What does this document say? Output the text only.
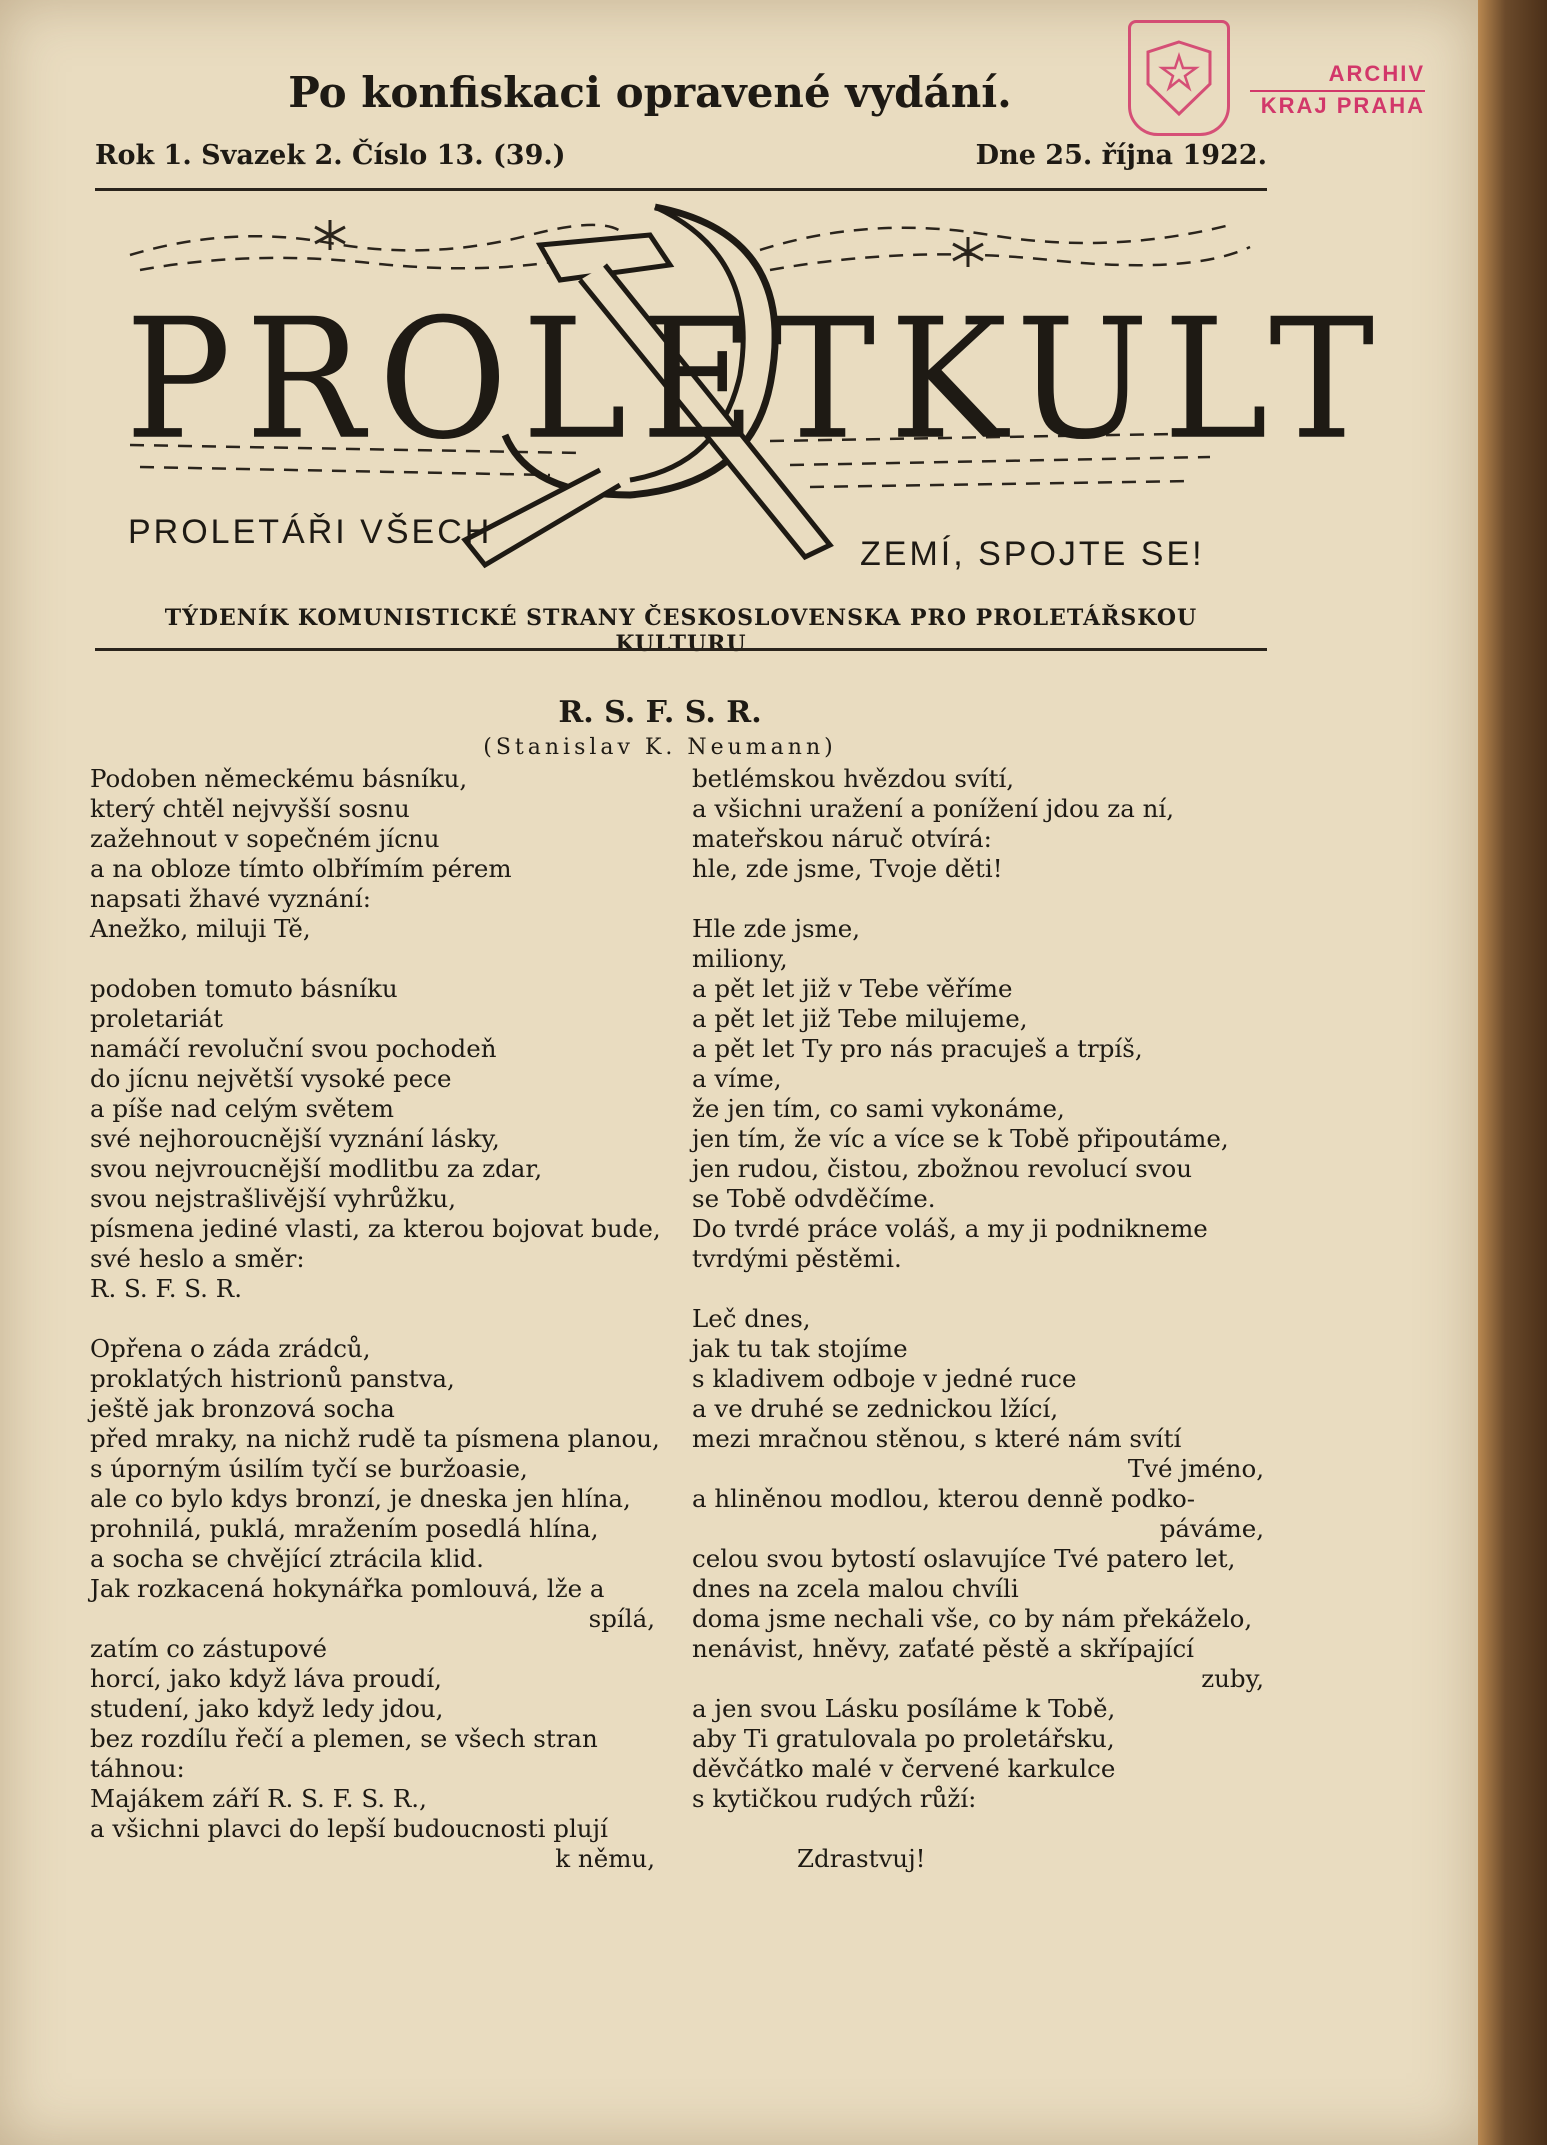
ARCHIV
KRAJ PRAHA
Po konfiskaci opravené vydání.
Rok 1. Svazek 2. Číslo 13. (39.)	Dne 25. října 1922.
PROLETKULT
PROLETÁŘI VŠECH
ZEMÍ, SPOJTE SE!
TÝDENÍK KOMUNISTICKÉ STRANY ČESKOSLOVENSKA PRO PROLETÁŘSKOU KULTURU
R. S. F. S. R.
(Stanislav K. Neumann)
Podoben německému básníku,
který chtěl nejvyšší sosnu
zažehnout v sopečném jícnu
a na obloze tímto olbřímím pérem
napsati žhavé vyznání:
Anežko, miluji Tě,
podoben tomuto básníku
proletariát
namáčí revoluční svou pochodeň
do jícnu největší vysoké pece
a píše nad celým světem
své nejhoroucnější vyznání lásky,
svou nejvroucnější modlitbu za zdar,
svou nejstrašlivější vyhrůžku,
písmena jediné vlasti, za kterou bojovat bude,
své heslo a směr:
R. S. F. S. R.
Opřena o záda zrádců,
proklatých histrionů panstva,
ještě jak bronzová socha
před mraky, na nichž rudě ta písmena planou,
s úporným úsilím tyčí se buržoasie,
ale co bylo kdys bronzí, je dneska jen hlína,
prohnilá, puklá, mražením posedlá hlína,
a socha se chvějící ztrácila klid.
Jak rozkacená hokynářka pomlouvá, lže a
spílá,
zatím co zástupové
horcí, jako když láva proudí,
studení, jako když ledy jdou,
bez rozdílu řečí a plemen, se všech stran
táhnou:
Majákem září R. S. F. S. R.,
a všichni plavci do lepší budoucnosti plují
k němu,
betlémskou hvězdou svítí,
a všichni uražení a ponížení jdou za ní,
mateřskou náruč otvírá:
hle, zde jsme, Tvoje děti!
Hle zde jsme,
miliony,
a pět let již v Tebe věříme
a pět let již Tebe milujeme,
a pět let Ty pro nás pracuješ a trpíš,
a víme,
že jen tím, co sami vykonáme,
jen tím, že víc a více se k Tobě připoutáme,
jen rudou, čistou, zbožnou revolucí svou
se Tobě odvděčíme.
Do tvrdé práce voláš, a my ji podnikneme
tvrdými pěstěmi.
Leč dnes,
jak tu tak stojíme
s kladivem odboje v jedné ruce
a ve druhé se zednickou lžící,
mezi mračnou stěnou, s které nám svítí
Tvé jméno,
a hliněnou modlou, kterou denně podko-
páváme,
celou svou bytostí oslavujíce Tvé patero let,
dnes na zcela malou chvíli
doma jsme nechali vše, co by nám překáželo,
nenávist, hněvy, zaťaté pěstě a skřípající
zuby,
a jen svou Lásku posíláme k Tobě,
aby Ti gratulovala po proletářsku,
děvčátko malé v červené karkulce
s kytičkou rudých růží:
Zdrastvuj!
